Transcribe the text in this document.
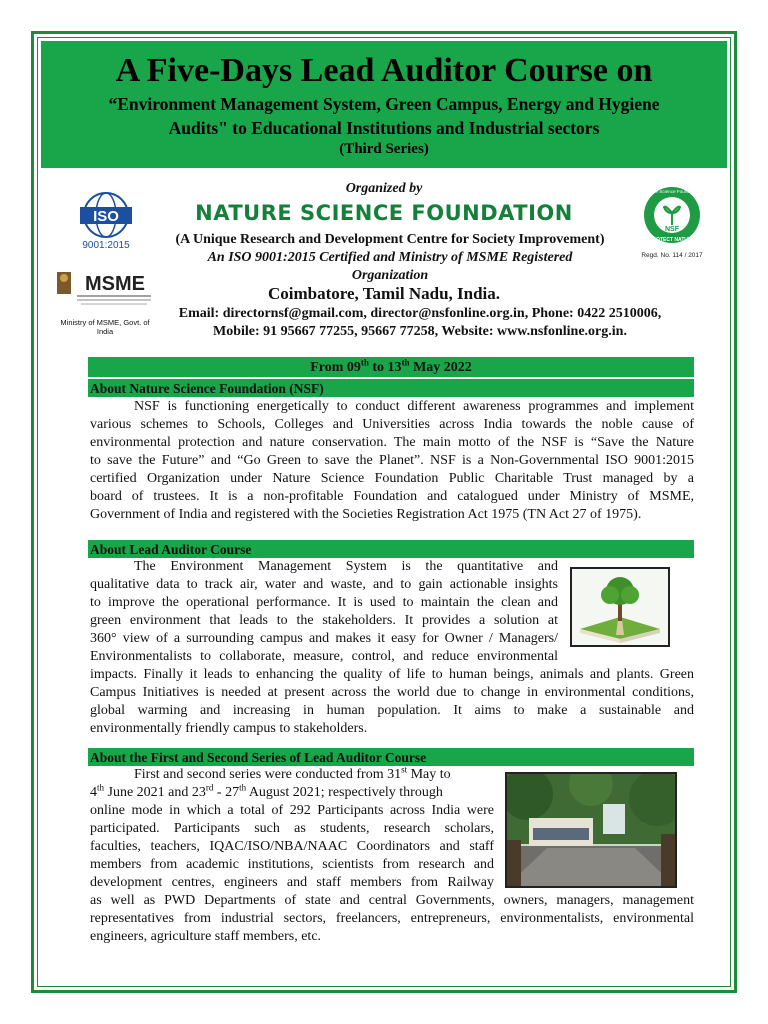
A Five-Days Lead Auditor Course on
“Environment Management System, Green Campus, Energy and Hygiene
Audits" to Educational Institutions and Industrial sectors
(Third Series)
ISO
9001:2015
MSME
Ministry of MSME, Govt. of India
NSF
Nature Science Foundation
PROTECT NATURE
Regd. No. 114 / 2017
Organized by
NATURE SCIENCE FOUNDATION
(A Unique Research and Development Centre for Society Improvement)
An ISO 9001:2015 Certified and Ministry of MSME Registered
Organization
Coimbatore, Tamil Nadu, India.
Email: directornsf@gmail.com, director@nsfonline.org.in, Phone: 0422 2510006,
Mobile: 91 95667 77255, 95667 77258, Website: www.nsfonline.org.in.
From 09th to 13th May 2022
About Nature Science Foundation (NSF)
NSF is functioning energetically to conduct different awareness programmes and implement
various schemes to Schools, Colleges and Universities across India towards the noble cause of
environmental protection and nature conservation. The main motto of the NSF is “Save the Nature
to save the Future” and “Go Green to save the Planet”. NSF is a Non-Governmental ISO 9001:2015
certified Organization under Nature Science Foundation Public Charitable Trust managed by a
board of trustees. It is a non-profitable Foundation and catalogued under Ministry of MSME,
Government of India and registered with the Societies Registration Act 1975 (TN Act 27 of 1975).
About Lead Auditor Course
The Environment Management System is the quantitative and
qualitative data to track air, water and waste, and to gain actionable insights
to improve the operational performance. It is used to maintain the clean and
green environment that leads to the stakeholders. It provides a solution at
360° view of a surrounding campus and makes it easy for Owner / Managers/
Environmentalists to collaborate, measure, control, and reduce environmental
impacts. Finally it leads to enhancing the quality of life to human beings, animals and plants. Green
Campus Initiatives is needed at present across the world due to change in environmental conditions,
global warming and increasing in human population. It aims to make a sustainable and
environmentally friendly campus to stakeholders.
About the First and Second Series of Lead Auditor Course
First and second series were conducted from 31st May to
4th June 2021 and 23rd - 27th August 2021; respectively through
online mode in which a total of 292 Participants across India were
participated. Participants such as students, research scholars,
faculties, teachers, IQAC/ISO/NBA/NAAC Coordinators and staff
members from academic institutions, scientists from research and
development centres, engineers and staff members from Railway
as well as PWD Departments of state and central Governments, owners, managers, management
representatives from industrial sectors, freelancers, entrepreneurs, environmentalists, environmental
engineers, agriculture staff members, etc.
